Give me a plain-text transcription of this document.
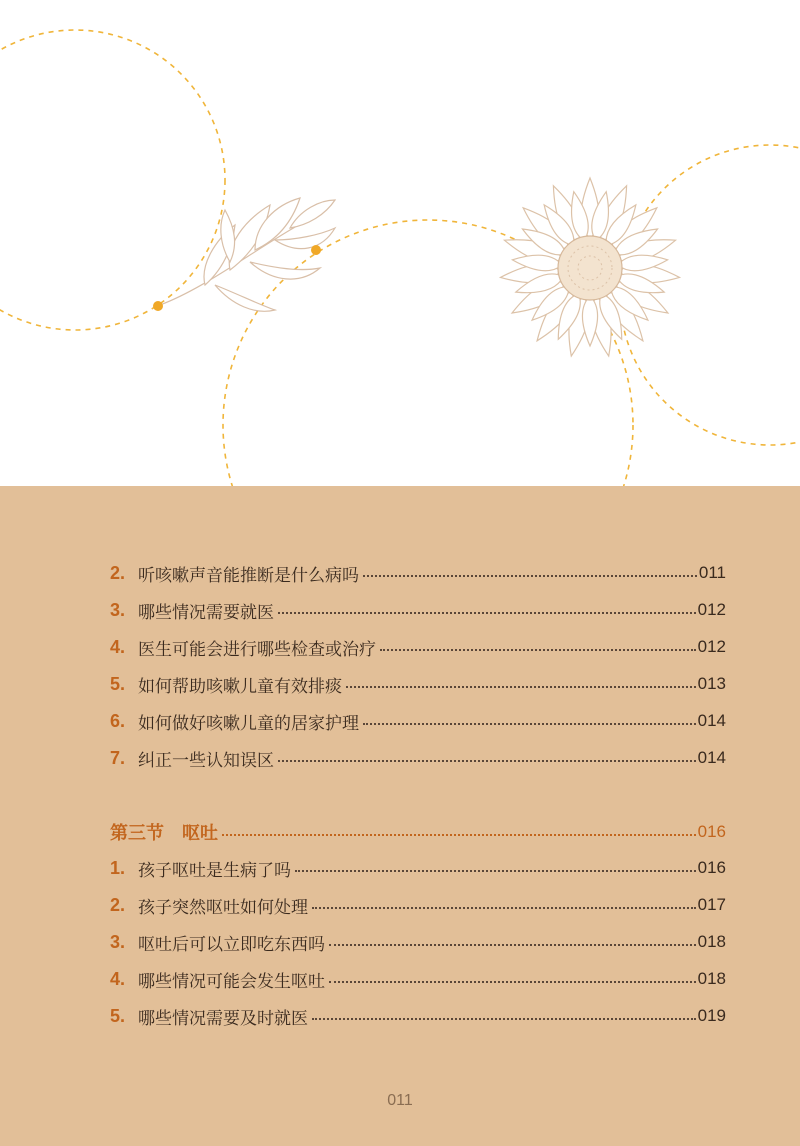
2. 听咳嗽声音能推断是什么病吗	011
3. 哪些情况需要就医	012
4. 医生可能会进行哪些检查或治疗	012
5. 如何帮助咳嗽儿童有效排痰	013
6. 如何做好咳嗽儿童的居家护理	014
7. 纠正一些认知误区	014
第三节　呕吐	016
1. 孩子呕吐是生病了吗	016
2. 孩子突然呕吐如何处理	017
3. 呕吐后可以立即吃东西吗	018
4. 哪些情况可能会发生呕吐	018
5. 哪些情况需要及时就医	019
011
